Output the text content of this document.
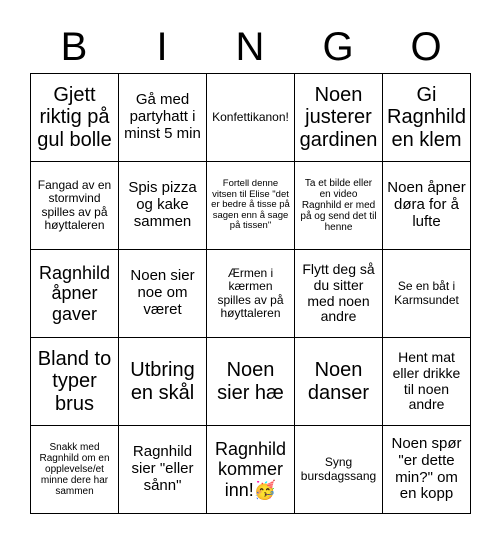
B	I	N	G	O
Gjett riktig på gul bolle
Gå med partyhatt i minst 5 min
Konfettikanon!
Noen justerer gardinen
Gi Ragnhild en klem
Fangad av en stormvind spilles av på høyttaleren
Spis pizza og kake sammen
Fortell denne vitsen til Elise "det er bedre å tisse på sagen enn å sage på tissen"
Ta et bilde eller en video Ragnhild er med på og send det til henne
Noen åpner døra for å lufte
Ragnhild åpner gaver
Noen sier noe om været
Ærmen i kærmen spilles av på høyttaleren
Flytt deg så du sitter med noen andre
Se en båt i Karmsundet
Bland to typer brus
Utbring en skål
Noen sier hæ
Noen danser
Hent mat eller drikke til noen andre
Snakk med Ragnhild om en opplevelse/et minne dere har sammen
Ragnhild sier "eller sånn"
Ragnhild kommer inn!🥳
Syng bursdagssang
Noen spør "er dette min?" om en kopp
